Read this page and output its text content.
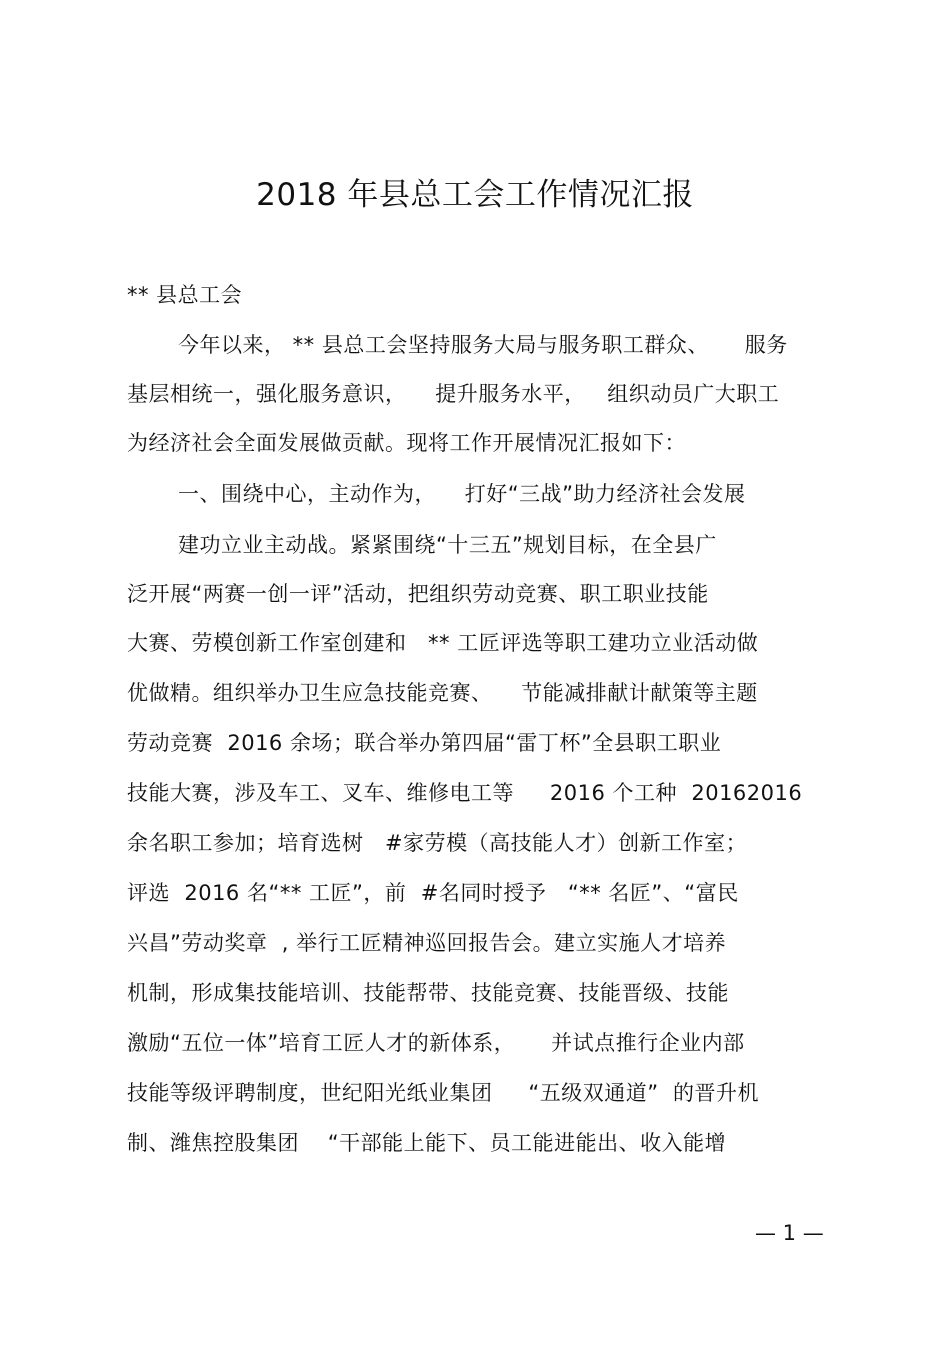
2018 年县总工会工作情况汇报
** 县总工会
今年以来， ** 县总工会坚持服务大局与服务职工群众、     服务
基层相统一，强化服务意识，    提升服务水平，   组织动员广大职工
为经济社会全面发展做贡献。现将工作开展情况汇报如下：
一、围绕中心，主动作为，    打好“三战”助力经济社会发展
建功立业主动战。紧紧围绕“十三五”规划目标，在全县广
泛开展“两赛一创一评”活动，把组织劳动竞赛、职工职业技能
大赛、劳模创新工作室创建和   ** 工匠评选等职工建功立业活动做
优做精。组织举办卫生应急技能竞赛、    节能减排献计献策等主题
劳动竞赛  2016 余场；联合举办第四届“雷丁杯”全县职工职业
技能大赛，涉及车工、叉车、维修电工等     2016 个工种  20162016
余名职工参加；培育选树   #家劳模（高技能人才）创新工作室；
评选  2016 名“** 工匠”，前  #名同时授予   “** 名匠”、“富民
兴昌”劳动奖章  , 举行工匠精神巡回报告会。建立实施人才培养
机制，形成集技能培训、技能帮带、技能竞赛、技能晋级、技能
激励“五位一体”培育工匠人才的新体系，     并试点推行企业内部
技能等级评聘制度，世纪阳光纸业集团     “五级双通道”  的晋升机
制、潍焦控股集团    “干部能上能下、员工能进能出、收入能增
— 1 —
